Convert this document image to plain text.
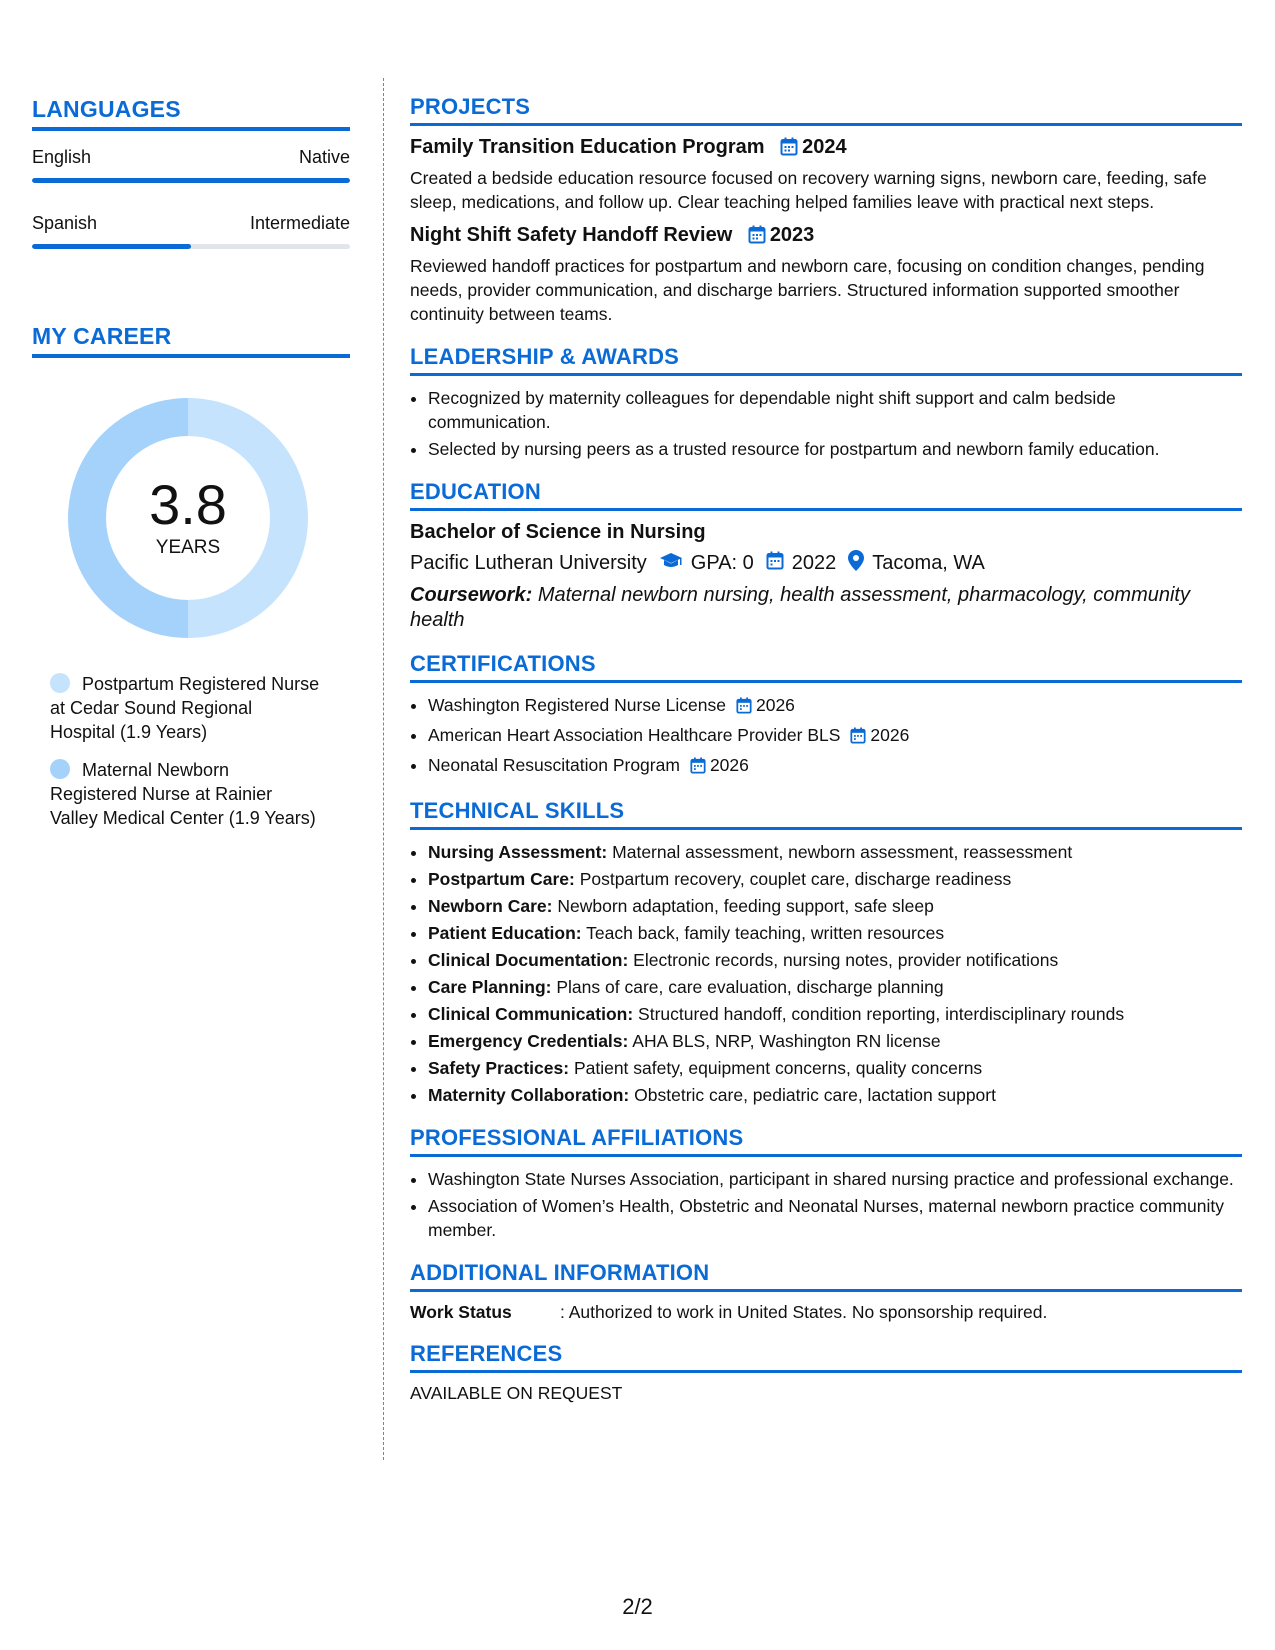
LANGUAGES
English	Native
Spanish	Intermediate
MY CAREER
3.8
YEARS
Postpartum Registered Nurse at Cedar Sound Regional Hospital (1.9 Years)
Maternal Newborn Registered Nurse at Rainier Valley Medical Center (1.9 Years)
PROJECTS
Family Transition Education Program 2024
Created a bedside education resource focused on recovery warning signs, newborn care, feeding, safe sleep, medications, and follow up. Clear teaching helped families leave with practical next steps.
Night Shift Safety Handoff Review 2023
Reviewed handoff practices for postpartum and newborn care, focusing on condition changes, pending needs, provider communication, and discharge barriers. Structured information supported smoother continuity between teams.
LEADERSHIP & AWARDS
• Recognized by maternity colleagues for dependable night shift support and calm bedside communication.
• Selected by nursing peers as a trusted resource for postpartum and newborn family education.
EDUCATION
Bachelor of Science in Nursing
Pacific Lutheran University GPA: 0 2022 Tacoma, WA
Coursework: Maternal newborn nursing, health assessment, pharmacology, community health
CERTIFICATIONS
• Washington Registered Nurse License 2026
• American Heart Association Healthcare Provider BLS 2026
• Neonatal Resuscitation Program 2026
TECHNICAL SKILLS
• Nursing Assessment: Maternal assessment, newborn assessment, reassessment
• Postpartum Care: Postpartum recovery, couplet care, discharge readiness
• Newborn Care: Newborn adaptation, feeding support, safe sleep
• Patient Education: Teach back, family teaching, written resources
• Clinical Documentation: Electronic records, nursing notes, provider notifications
• Care Planning: Plans of care, care evaluation, discharge planning
• Clinical Communication: Structured handoff, condition reporting, interdisciplinary rounds
• Emergency Credentials: AHA BLS, NRP, Washington RN license
• Safety Practices: Patient safety, equipment concerns, quality concerns
• Maternity Collaboration: Obstetric care, pediatric care, lactation support
PROFESSIONAL AFFILIATIONS
• Washington State Nurses Association, participant in shared nursing practice and professional exchange.
• Association of Women’s Health, Obstetric and Neonatal Nurses, maternal newborn practice community member.
ADDITIONAL INFORMATION
Work Status	: Authorized to work in United States. No sponsorship required.
REFERENCES
AVAILABLE ON REQUEST
2/2
